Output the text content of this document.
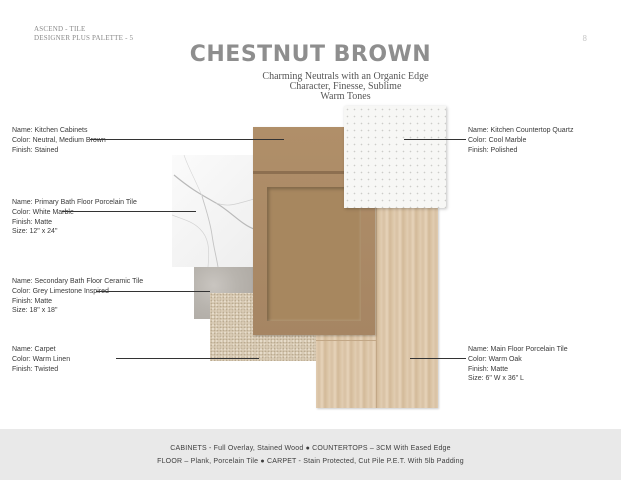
ASCEND - TILE
DESIGNER PLUS PALETTE - 5	8
CHESTNUT BROWN
Charming Neutrals with an Organic Edge
Character, Finesse, Sublime
Warm Tones
Name: Kitchen Cabinets
Color: Neutral, Medium Brown
Finish: Stained
Name: Primary Bath Floor Porcelain Tile
Color: White Marble
Finish: Matte
Size: 12" x 24"
Name: Secondary Bath Floor Ceramic Tile
Color: Grey Limestone Inspired
Finish: Matte
Size: 18" x 18"
Name: Carpet
Color: Warm Linen
Finish: Twisted
Name: Kitchen Countertop Quartz
Color: Cool Marble
Finish: Polished
Name: Main Floor Porcelain Tile
Color: Warm Oak
Finish: Matte
Size: 6" W x 36" L
CABINETS - Full Overlay, Stained Wood ● COUNTERTOPS – 3CM With Eased Edge
FLOOR – Plank, Porcelain Tile ● CARPET - Stain Protected, Cut Pile P.E.T. With 5lb Padding
